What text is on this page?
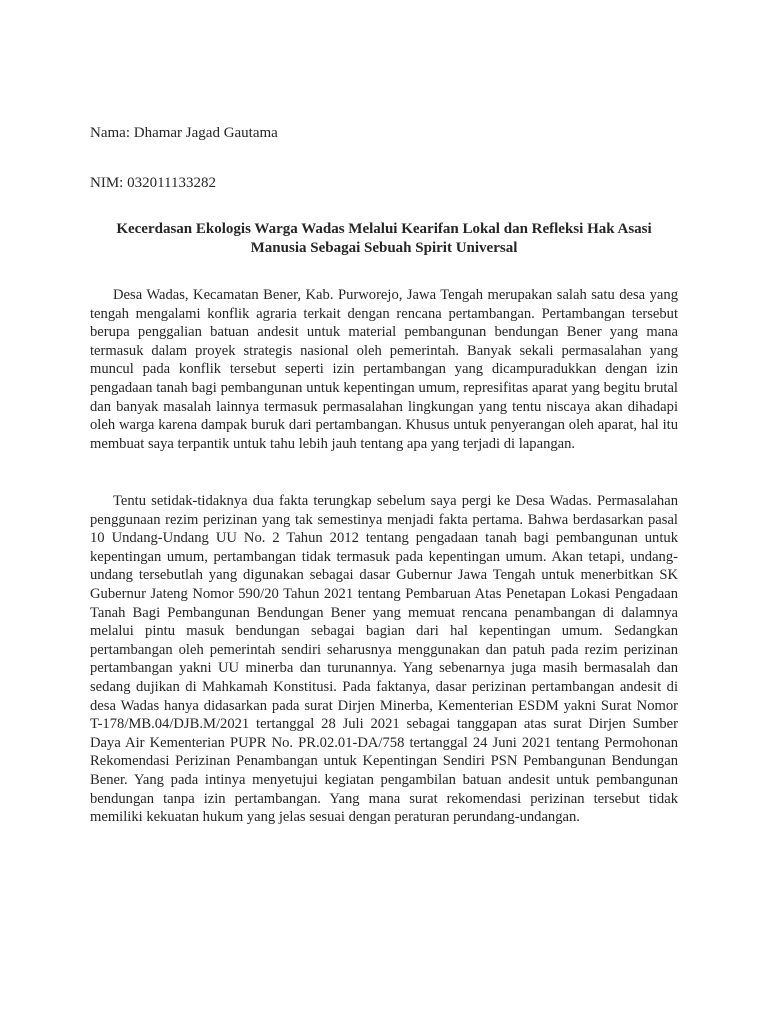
Nama: Dhamar Jagad Gautama
NIM: 032011133282
Kecerdasan Ekologis Warga Wadas Melalui Kearifan Lokal dan Refleksi Hak Asasi Manusia Sebagai Sebuah Spirit Universal

Desa Wadas, Kecamatan Bener, Kab. Purworejo, Jawa Tengah merupakan salah satu desa yang tengah mengalami konflik agraria terkait dengan rencana pertambangan. Pertambangan tersebut berupa penggalian batuan andesit untuk material pembangunan bendungan Bener yang mana termasuk dalam proyek strategis nasional oleh pemerintah. Banyak sekali permasalahan yang muncul pada konflik tersebut seperti izin pertambangan yang dicampuradukkan dengan izin pengadaan tanah bagi pembangunan untuk kepentingan umum, represifitas aparat yang begitu brutal dan banyak masalah lainnya termasuk permasalahan lingkungan yang tentu niscaya akan dihadapi oleh warga karena dampak buruk dari pertambangan. Khusus untuk penyerangan oleh aparat, hal itu membuat saya terpantik untuk tahu lebih jauh tentang apa yang terjadi di lapangan.

Tentu setidak-tidaknya dua fakta terungkap sebelum saya pergi ke Desa Wadas. Permasalahan penggunaan rezim perizinan yang tak semestinya menjadi fakta pertama. Bahwa berdasarkan pasal 10 Undang-Undang UU No. 2 Tahun 2012 tentang pengadaan tanah bagi pembangunan untuk kepentingan umum, pertambangan tidak termasuk pada kepentingan umum. Akan tetapi, undang-undang tersebutlah yang digunakan sebagai dasar Gubernur Jawa Tengah untuk menerbitkan SK Gubernur Jateng Nomor 590/20 Tahun 2021 tentang Pembaruan Atas Penetapan Lokasi Pengadaan Tanah Bagi Pembangunan Bendungan Bener yang memuat rencana penambangan di dalamnya melalui pintu masuk bendungan sebagai bagian dari hal kepentingan umum. Sedangkan pertambangan oleh pemerintah sendiri seharusnya menggunakan dan patuh pada rezim perizinan pertambangan yakni UU minerba dan turunannya. Yang sebenarnya juga masih bermasalah dan sedang dujikan di Mahkamah Konstitusi. Pada faktanya, dasar perizinan pertambangan andesit di desa Wadas hanya didasarkan pada surat Dirjen Minerba, Kementerian ESDM yakni Surat Nomor T-178/MB.04/DJB.M/2021 tertanggal 28 Juli 2021 sebagai tanggapan atas surat Dirjen Sumber Daya Air Kementerian PUPR No. PR.02.01-DA/758 tertanggal 24 Juni 2021 tentang Permohonan Rekomendasi Perizinan Penambangan untuk Kepentingan Sendiri PSN Pembangunan Bendungan Bener. Yang pada intinya menyetujui kegiatan pengambilan batuan andesit untuk pembangunan bendungan tanpa izin pertambangan. Yang mana surat rekomendasi perizinan tersebut tidak memiliki kekuatan hukum yang jelas sesuai dengan peraturan perundang-undangan.
